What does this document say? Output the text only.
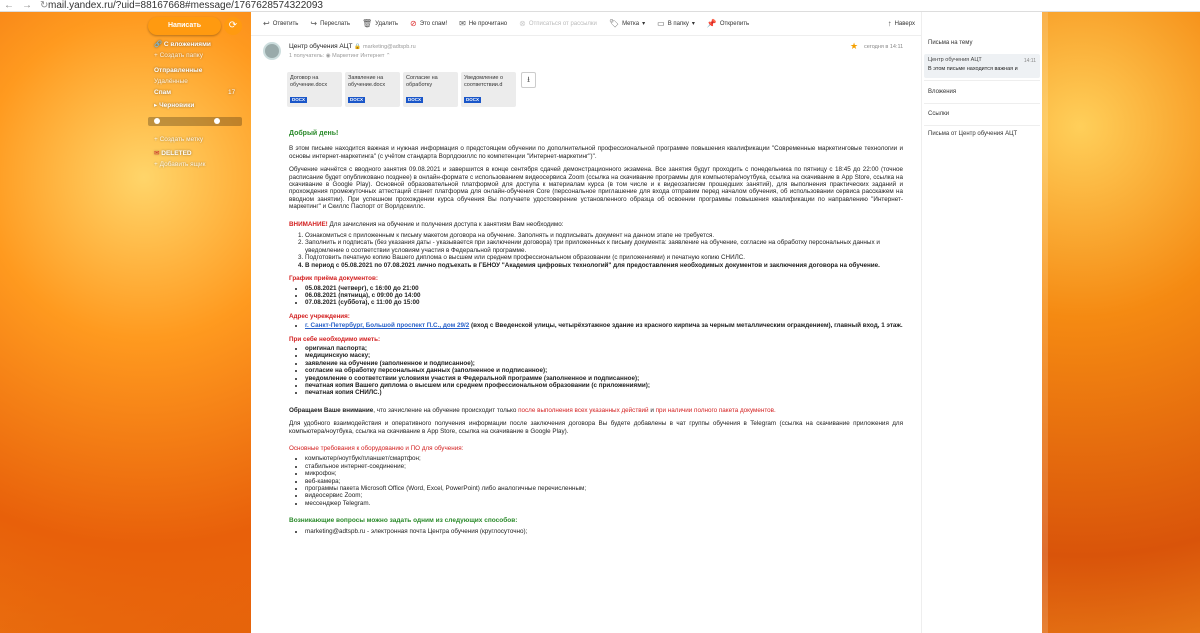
← → ↻ mail.yandex.ru/?uid=88167668#message/1767628574322093
Написать	⟳
🔗 С вложениями
+ Создать папку
Отправленные
Удалённые
Спам	17
▸ Черновики
+ Создать метку
✉ DELETED
+ Добавить ящик
↩ Ответить ↪ Переслать 🗑 Удалить ⊘ Это спам! ✉ Не прочитано ⊗ Отписаться от рассылки 🏷 Метка ▾	▭ В папку ▾	📌 Открепить	↑ Наверх
Центр обучения АЦТ 🔒 marketing@adtspb.ru
1 получатель: ◉ Маркетинг Интернет ⌃
★ сегодня в 14:11
Договор на обучение.docx
DOCX
Заявление на обучение.docx
DOCX
Согласие на обработку
DOCX
Уведомление о соответствии.d
DOCX
⭳

Добрый день!

В этом письме находится важная и нужная информация о предстоящем обучении по дополнительной профессиональной программе повышения квалификации "Современные маркетинговые технологии и основы интернет-маркетинга" (с учётом стандарта Ворлдскиллс по компетенции "Интернет-маркетинг")".

Обучение начнётся с вводного занятия 09.08.2021 и завершится в конце сентября сдачей демонстрационного экзамена. Все занятия будут проходить с понедельника по пятницу с 18:45 до 22:00 (точное расписание будет опубликовано позднее) в онлайн-формате с использованием видеосервиса Zoom (ссылка на скачивание программы для компьютера/ноутбука, ссылка на скачивание в App Store, ссылка на скачивание в Google Play). Основной образовательной платформой для доступа к материалам курса (в том числе и к видеозаписям прошедших занятий), для выполнения практических заданий и прохождения промежуточных аттестаций станет платформа для онлайн-обучения Core (персональное приглашение для входа отправим перед началом обучения, об использовании сервиса расскажем на вводном занятии). При успешном прохождении курса обучения Вы получаете удостоверение установленного образца об освоении программы повышения квалификации по направлению "Интернет-маркетинг" и Скиллс Паспорт от Ворлдскиллс.

ВНИМАНИЕ! Для зачисления на обучение и получения доступа к занятиям Вам необходимо:

1. Ознакомиться с приложенным к письму макетом договора на обучение. Заполнять и подписывать документ на данном этапе не требуется.
2. Заполнить и подписать (без указания даты - указывается при заключении договора) три приложенных к письму документа: заявление на обучение, согласие на обработку персональных данных и уведомление о соответствии условиям участия в Федеральной программе.
3. Подготовить печатную копию Вашего диплома о высшем или среднем профессиональном образовании (с приложениями) и печатную копию СНИЛС.
4. В период с 05.08.2021 по 07.08.2021 лично подъехать в ГБНОУ "Академия цифровых технологий" для предоставления необходимых документов и заключения договора на обучение.

График приёма документов:

• 05.08.2021 (четверг), с 16:00 до 21:00
• 06.08.2021 (пятница), с 09:00 до 14:00
• 07.08.2021 (суббота), с 11:00 до 15:00

Адрес учреждения:

• г. Санкт-Петербург, Большой проспект П.С., дом 29/2 (вход с Введенской улицы, четырёхэтажное здание из красного кирпича за черным металлическим ограждением), главный вход, 1 этаж.

При себе необходимо иметь:

• оригинал паспорта;
• медицинскую маску;
• заявление на обучение (заполненное и подписанное);
• согласие на обработку персональных данных (заполненное и подписанное);
• уведомление о соответствии условиям участия в Федеральной программе (заполненное и подписанное);
• печатная копия Вашего диплома о высшем или среднем профессиональном образовании (с приложениями);
• печатная копия СНИЛС.)

Обращаем Ваше внимание, что зачисление на обучение происходит только после выполнения всех указанных действий и при наличии полного пакета документов.

Для удобного взаимодействия и оперативного получения информации после заключения договора Вы будете добавлены в чат группы обучения в Telegram (ссылка на скачивание приложения для компьютера/ноутбука, ссылка на скачивание в App Store, ссылка на скачивание в Google Play).

Основные требования к оборудованию и ПО для обучения:

• компьютер/ноутбук/планшет/смартфон;
• стабильное интернет-соединение;
• микрофон;
• веб-камера;
• программы пакета Microsoft Office (Word, Excel, PowerPoint) либо аналогичные перечисленным;
• видеосервис Zoom;
• мессенджер Telegram.

Возникающие вопросы можно задать одним из следующих способов:

• marketing@adtspb.ru - электронная почта Центра обучения (круглосуточно);
Письма на тему
Центр обучения АЦТ	14:11
В этом письме находится важная и
Вложения
Ссылки
Письма от Центр обучения АЦТ
